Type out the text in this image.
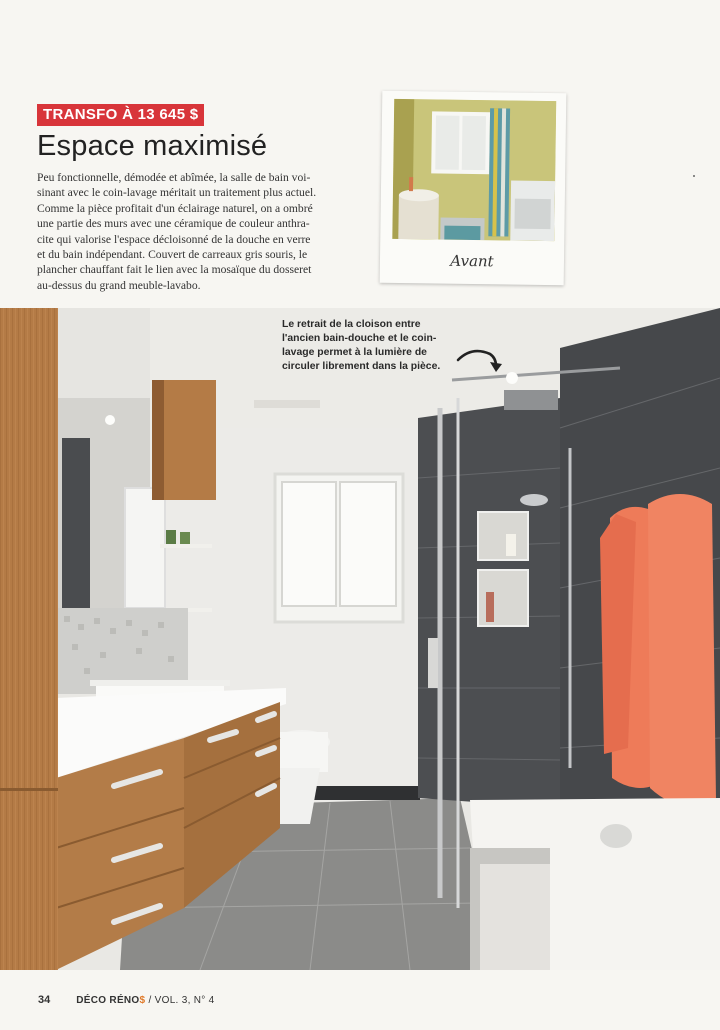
TRANSFO À 13 645 $
Espace maximisé
Peu fonctionnelle, démodée et abîmée, la salle de bain voi-
sinant avec le coin-lavage méritait un traitement plus actuel.
Comme la pièce profitait d'un éclairage naturel, on a ombré
une partie des murs avec une céramique de couleur anthra-
cite qui valorise l'espace décloisonné de la douche en verre
et du bain indépendant. Couvert de carreaux gris souris, le
plancher chauffant fait le lien avec la mosaïque du dosseret
au-dessus du grand meuble-lavabo.
Avant
Le retrait de la cloison entre
l'ancien bain-douche et le coin-
lavage permet à la lumière de
circuler librement dans la pièce.
34	DÉCO RÉNO$ / VOL. 3, N° 4
